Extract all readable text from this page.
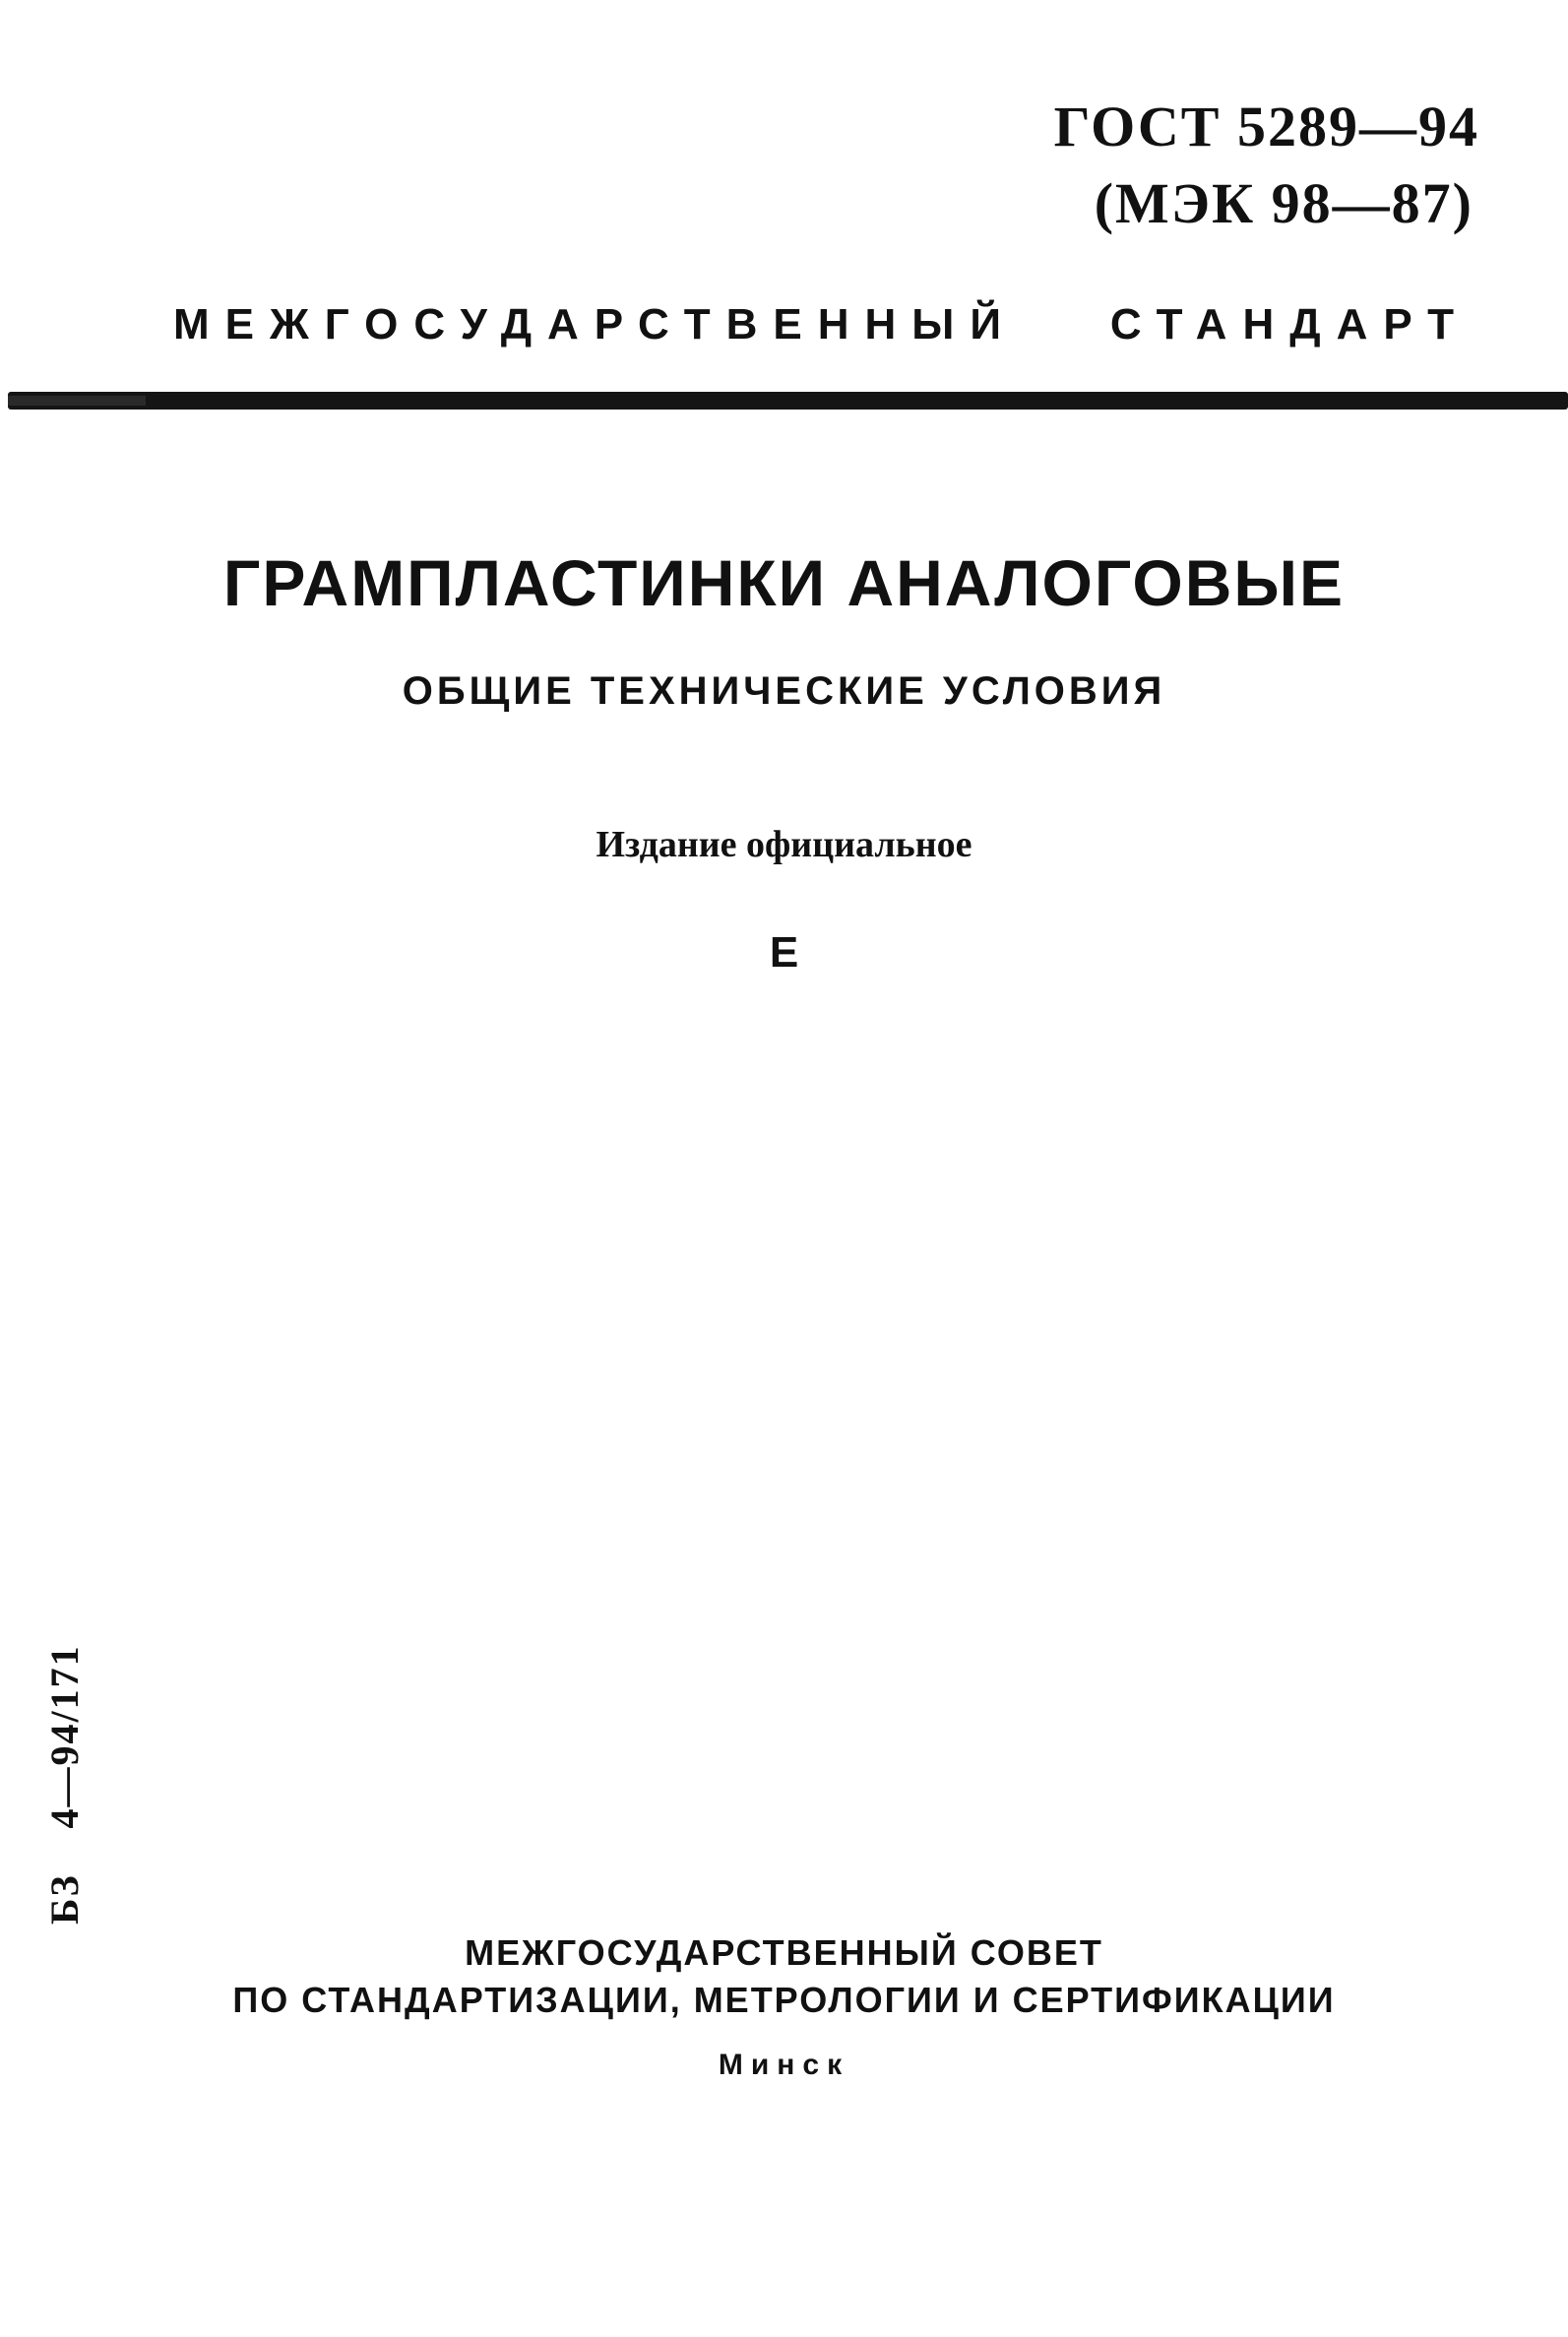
ГОСТ 5289—94
(МЭК 98—87)
МЕЖГОСУДАРСТВЕННЫЙ СТАНДАРТ
ГРАМПЛАСТИНКИ АНАЛОГОВЫЕ
ОБЩИЕ ТЕХНИЧЕСКИЕ УСЛОВИЯ
Издание официальное
Е
БЗ 4—94/171
МЕЖГОСУДАРСТВЕННЫЙ СОВЕТ
ПО СТАНДАРТИЗАЦИИ, МЕТРОЛОГИИ И СЕРТИФИКАЦИИ
Минск
